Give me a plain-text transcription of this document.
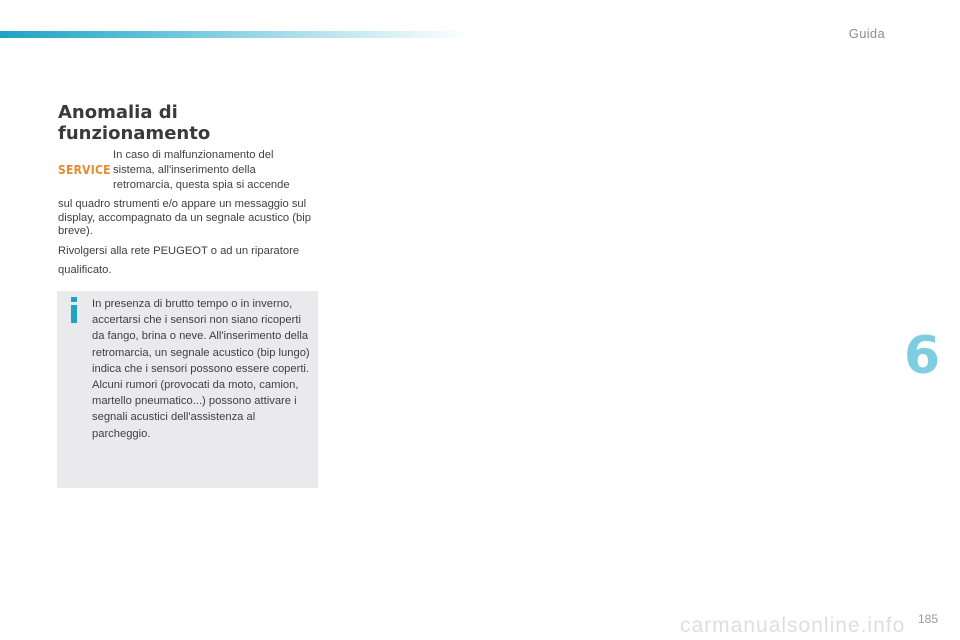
Guida
Anomalia di funzionamento
SERVICE
In caso di malfunzionamento del sistema, all'inserimento della retromarcia, questa spia si accende

sul quadro strumenti e/o appare un messaggio sul display, accompagnato da un segnale acustico (bip breve).

Rivolgersi alla rete PEUGEOT o ad un riparatore qualificato.

In presenza di brutto tempo o in inverno, accertarsi che i sensori non siano ricoperti da fango, brina o neve. All'inserimento della retromarcia, un segnale acustico (bip lungo) indica che i sensori possono essere coperti. Alcuni rumori (provocati da moto, camion, martello pneumatico...) possono attivare i segnali acustici dell'assistenza al parcheggio.
6
carmanualsonline.info 185
